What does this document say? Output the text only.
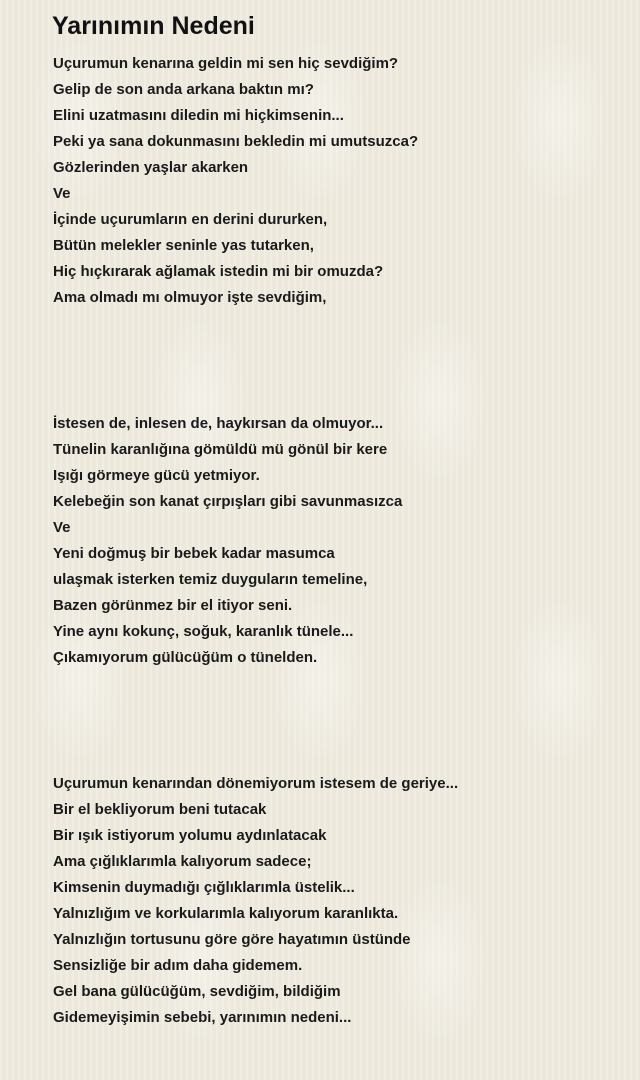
Yarınımın Nedeni
Uçurumun kenarına geldin mi sen hiç sevdiğim?
Gelip de son anda arkana baktın mı?
Elini uzatmasını diledin mi hiçkimsenin...
Peki ya sana dokunmasını bekledin mi umutsuzca?
Gözlerinden yaşlar akarken
Ve
İçinde uçurumların en derini dururken,
Bütün melekler seninle yas tutarken,
Hiç hıçkırarak ağlamak istedin mi bir omuzda?
Ama olmadı mı olmuyor işte sevdiğim,
İstesen de, inlesen de, haykırsan da olmuyor...
Tünelin karanlığına gömüldü mü gönül bir kere
Işığı görmeye gücü yetmiyor.
Kelebeğin son kanat çırpışları gibi savunmasızca
Ve
Yeni doğmuş bir bebek kadar masumca
ulaşmak isterken temiz duyguların temeline,
Bazen görünmez bir el itiyor seni.
Yine aynı kokunç, soğuk, karanlık tünele...
Çıkamıyorum gülücüğüm o tünelden.
Uçurumun kenarından dönemiyorum istesem de geriye...
Bir el bekliyorum beni tutacak
Bir ışık istiyorum yolumu aydınlatacak
Ama çığlıklarımla kalıyorum sadece;
Kimsenin duymadığı çığlıklarımla üstelik...
Yalnızlığım ve korkularımla kalıyorum karanlıkta.
Yalnızlığın tortusunu göre göre hayatımın üstünde
Sensizliğe bir adım daha gidemem.
Gel bana gülücüğüm, sevdiğim, bildiğim
Gidemeyişimin sebebi, yarınımın nedeni...
